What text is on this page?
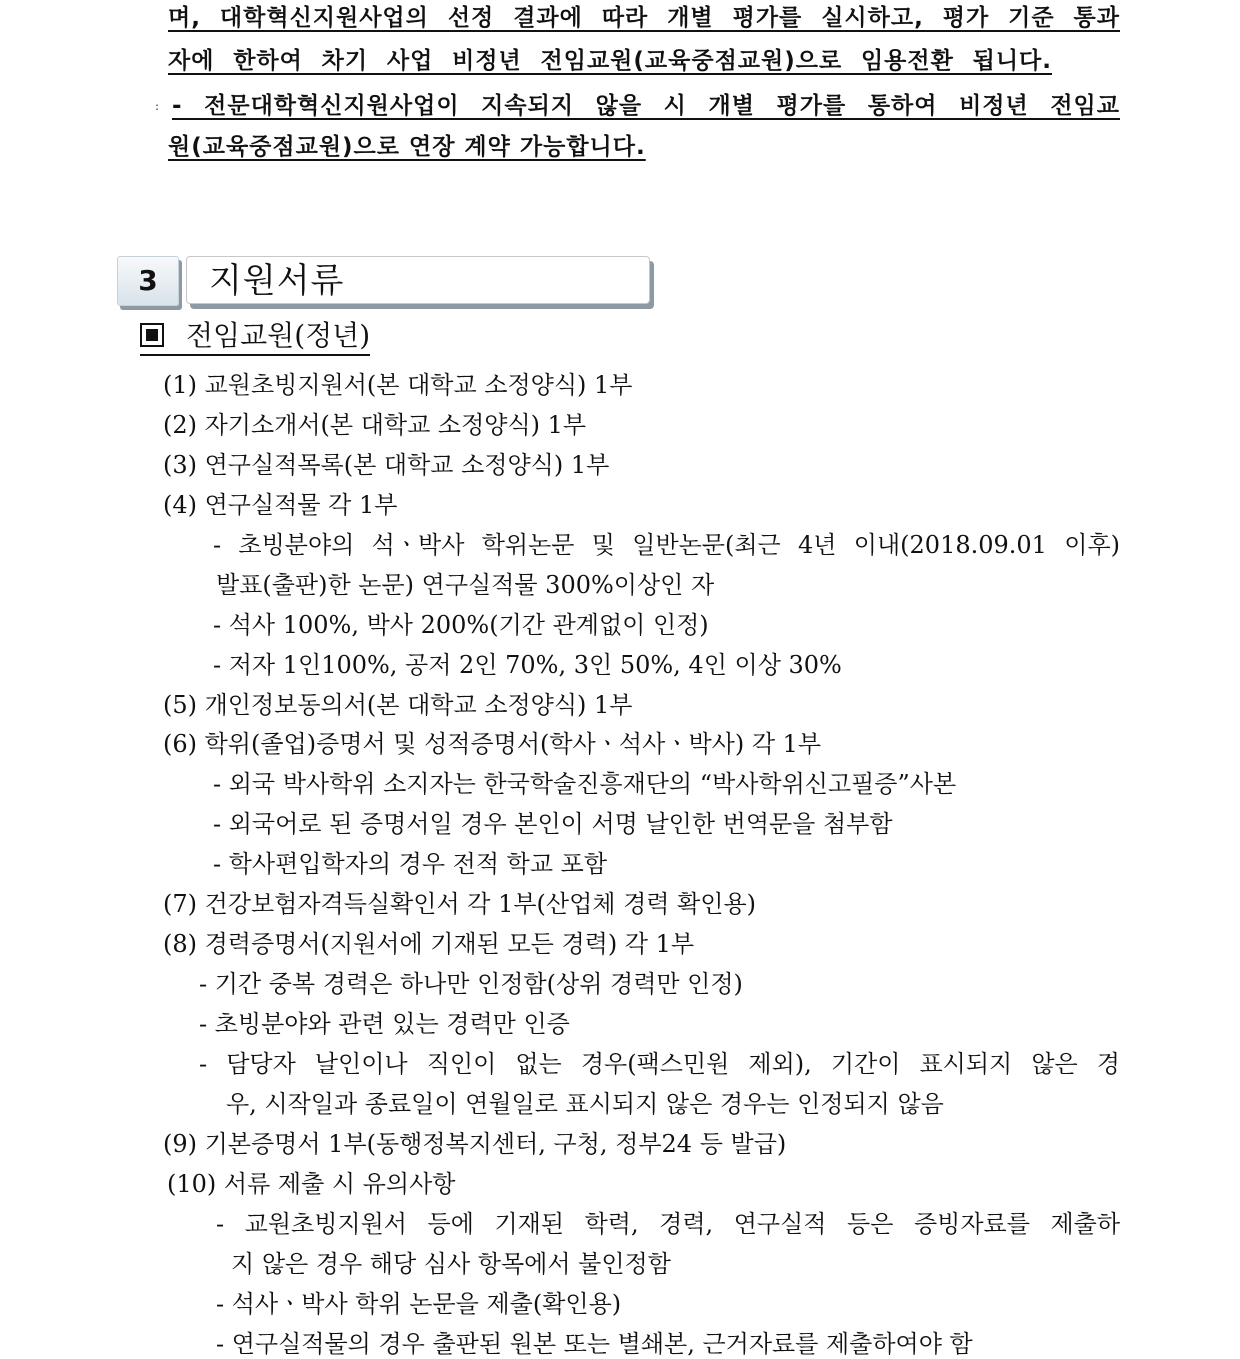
며, 대학혁신지원사업의 선정 결과에 따라 개별 평가를 실시하고, 평가 기준 통과
자에 한하여 차기 사업 비정년 전임교원(교육중점교원)으로 임용전환 됩니다.
: - 전문대학혁신지원사업이 지속되지 않을 시 개별 평가를 통하여 비정년 전임교
원(교육중점교원)으로 연장 계약 가능합니다.
3	지원서류
전임교원(정년)
(1) 교원초빙지원서(본 대학교 소정양식) 1부
(2) 자기소개서(본 대학교 소정양식) 1부
(3) 연구실적목록(본 대학교 소정양식) 1부
(4) 연구실적물 각 1부
- 초빙분야의 석ㆍ박사 학위논문 및 일반논문(최근 4년 이내(2018.09.01 이후)
발표(출판)한 논문) 연구실적물 300%이상인 자
- 석사 100%, 박사 200%(기간 관계없이 인정)
- 저자 1인100%, 공저 2인 70%, 3인 50%, 4인 이상 30%
(5) 개인정보동의서(본 대학교 소정양식) 1부
(6) 학위(졸업)증명서 및 성적증명서(학사ㆍ석사ㆍ박사) 각 1부
- 외국 박사학위 소지자는 한국학술진흥재단의 “박사학위신고필증”사본
- 외국어로 된 증명서일 경우 본인이 서명 날인한 번역문을 첨부함
- 학사편입학자의 경우 전적 학교 포함
(7) 건강보험자격득실확인서 각 1부(산업체 경력 확인용)
(8) 경력증명서(지원서에 기재된 모든 경력) 각 1부
- 기간 중복 경력은 하나만 인정함(상위 경력만 인정)
- 초빙분야와 관련 있는 경력만 인증
- 담당자 날인이나 직인이 없는 경우(팩스민원 제외), 기간이 표시되지 않은 경
우, 시작일과 종료일이 연월일로 표시되지 않은 경우는 인정되지 않음
(9) 기본증명서 1부(동행정복지센터, 구청, 정부24 등 발급)
(10) 서류 제출 시 유의사항
- 교원초빙지원서 등에 기재된 학력, 경력, 연구실적 등은 증빙자료를 제출하
지 않은 경우 해당 심사 항목에서 불인정함
- 석사ㆍ박사 학위 논문을 제출(확인용)
- 연구실적물의 경우 출판된 원본 또는 별쇄본, 근거자료를 제출하여야 함
